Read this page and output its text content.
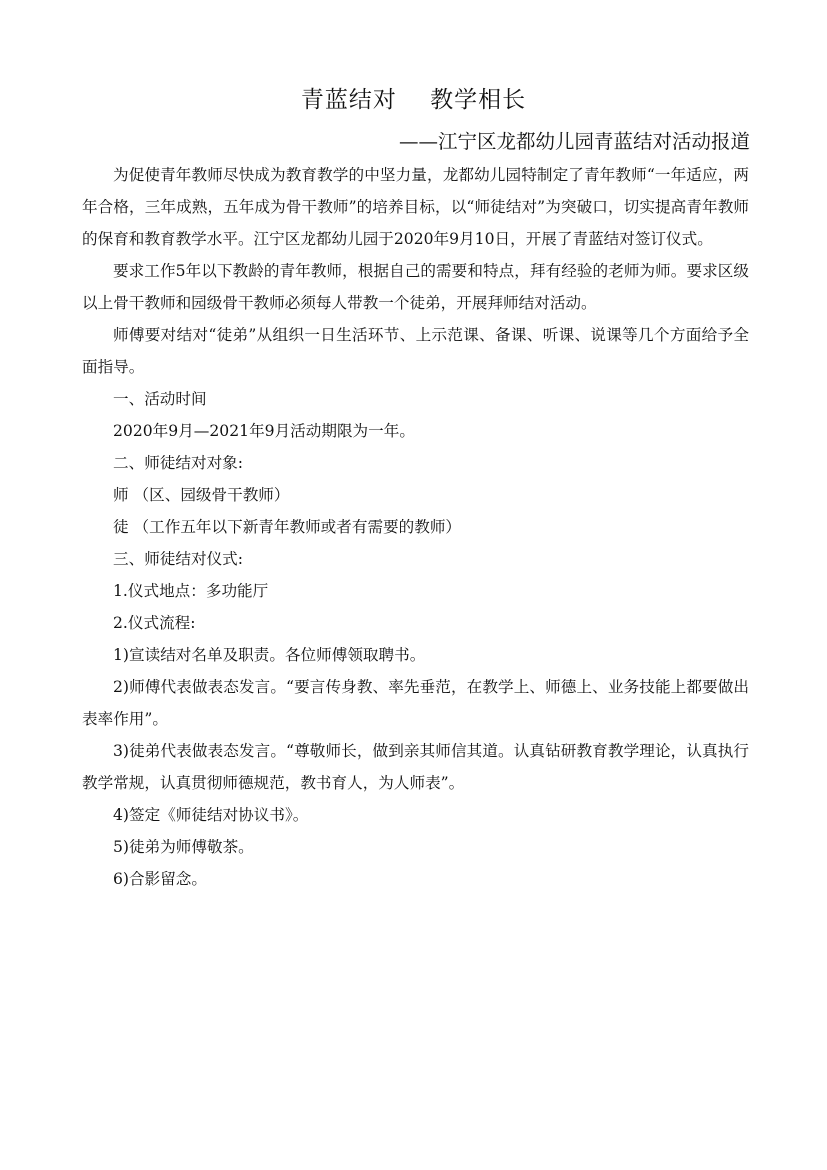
青蓝结对    教学相长

——江宁区龙都幼儿园青蓝结对活动报道

为促使青年教师尽快成为教育教学的中坚力量，龙都幼儿园特制定了青年教师“一年适应，两年合格，三年成熟，五年成为骨干教师”的培养目标，以“师徒结对”为突破口，切实提高青年教师的保育和教育教学水平。江宁区龙都幼儿园于2020年9月10日，开展了青蓝结对签订仪式。

要求工作5年以下教龄的青年教师，根据自己的需要和特点，拜有经验的老师为师。要求区级以上骨干教师和园级骨干教师必须每人带教一个徒弟，开展拜师结对活动。

师傅要对结对“徒弟”从组织一日生活环节、上示范课、备课、听课、说课等几个方面给予全面指导。

一、活动时间

2020年9月—2021年9月活动期限为一年。

二、师徒结对对象:

师 （区、园级骨干教师）

徒 （工作五年以下新青年教师或者有需要的教师）

三、师徒结对仪式:

1.仪式地点：多功能厅

2.仪式流程:

1)宣读结对名单及职责。各位师傅领取聘书。

2)师傅代表做表态发言。“要言传身教、率先垂范，在教学上、师德上、业务技能上都要做出表率作用”。

3)徒弟代表做表态发言。“尊敬师长，做到亲其师信其道。认真钻研教育教学理论，认真执行教学常规，认真贯彻师德规范，教书育人，为人师表”。

4)签定《师徒结对协议书》。

5)徒弟为师傅敬茶。

6)合影留念。
